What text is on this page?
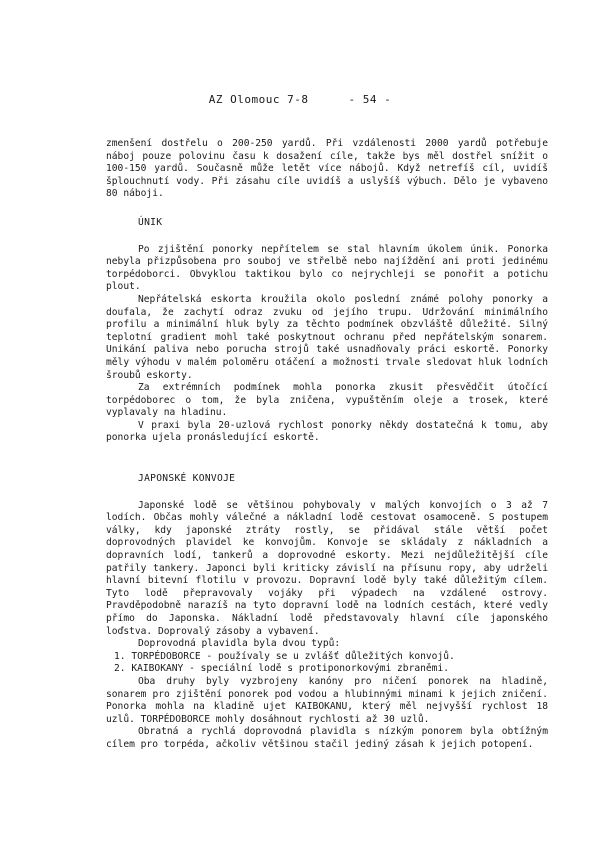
AZ Olomouc 7-8	- 54 -

zmenšení dostřelu o 200-250 yardů. Při vzdálenosti 2000 yardů potřebuje náboj pouze polovinu času k dosažení cíle, takže bys měl dostřel snížit o 100-150 yardů. Současně může letět více nábojů. Když netrefíš cíl, uvidíš šplouchnutí vody. Při zásahu cíle uvidíš a uslyšíš výbuch. Dělo je vybaveno 80 náboji.

ÚNIK

Po zjištění ponorky nepřítelem se stal hlavním úkolem únik. Ponorka nebyla přizpůsobena pro souboj ve střelbě nebo najíždění ani proti jedinému torpédoborci. Obvyklou taktikou bylo co nejrychleji se ponořit a potichu plout.

Nepřátelská eskorta kroužila okolo poslední známé polohy ponorky a doufala, že zachytí odraz zvuku od jejího trupu. Udržování minimálního profilu a minimální hluk byly za těchto podmínek obzvláště důležité. Silný teplotní gradient mohl také poskytnout ochranu před nepřátelským sonarem. Unikání paliva nebo porucha strojů také usnadňovaly práci eskortě. Ponorky měly výhodu v malém poloměru otáčení a možnosti trvale sledovat hluk lodních šroubů eskorty.

Za extrémních podmínek mohla ponorka zkusit přesvědčit útočící torpédoborec o tom, že byla zničena, vypuštěním oleje a trosek, které vyplavaly na hladinu.

V praxi byla 20-uzlová rychlost ponorky někdy dostatečná k tomu, aby ponorka ujela pronásledující eskortě.

JAPONSKÉ KONVOJE

Japonské lodě se většinou pohybovaly v malých konvojích o 3 až 7 lodích. Občas mohly válečné a nákladní lodě cestovat osamoceně. S postupem války, kdy japonské ztráty rostly, se přidával stále větší počet doprovodných plavidel ke konvojům. Konvoje se skládaly z nákladních a dopravních lodí, tankerů a doprovodné eskorty. Mezi nejdůležitější cíle patřily tankery. Japonci byli kriticky závislí na přísunu ropy, aby udrželi hlavní bitevní flotilu v provozu. Dopravní lodě byly také důležitým cílem. Tyto lodě přepravovaly vojáky při výpadech na vzdálené ostrovy. Pravděpodobně narazíš na tyto dopravní lodě na lodních cestách, které vedly přímo do Japonska. Nákladní lodě představovaly hlavní cíle japonského loďstva. Doprovalý zásoby a vybavení.

Doprovodná plavidla byla dvou typů:

1. TORPÉDOBORCE - používaly se u zvlášť důležitých konvojů.

2. KAIBOKANY - speciální lodě s protiponorkovými zbraněmi.

Oba druhy byly vyzbrojeny kanóny pro ničení ponorek na hladině, sonarem pro zjištění ponorek pod vodou a hlubinnými minami k jejich zničení. Ponorka mohla na kladině ujet KAIBOKANU, který měl nejvyšší rychlost 18 uzlů. TORPÉDOBORCE mohly dosáhnout rychlosti až 30 uzlů.

Obratná a rychlá doprovodná plavidla s nízkým ponorem byla obtížným cílem pro torpéda, ačkoliv většinou stačil jediný zásah k jejich potopení.
